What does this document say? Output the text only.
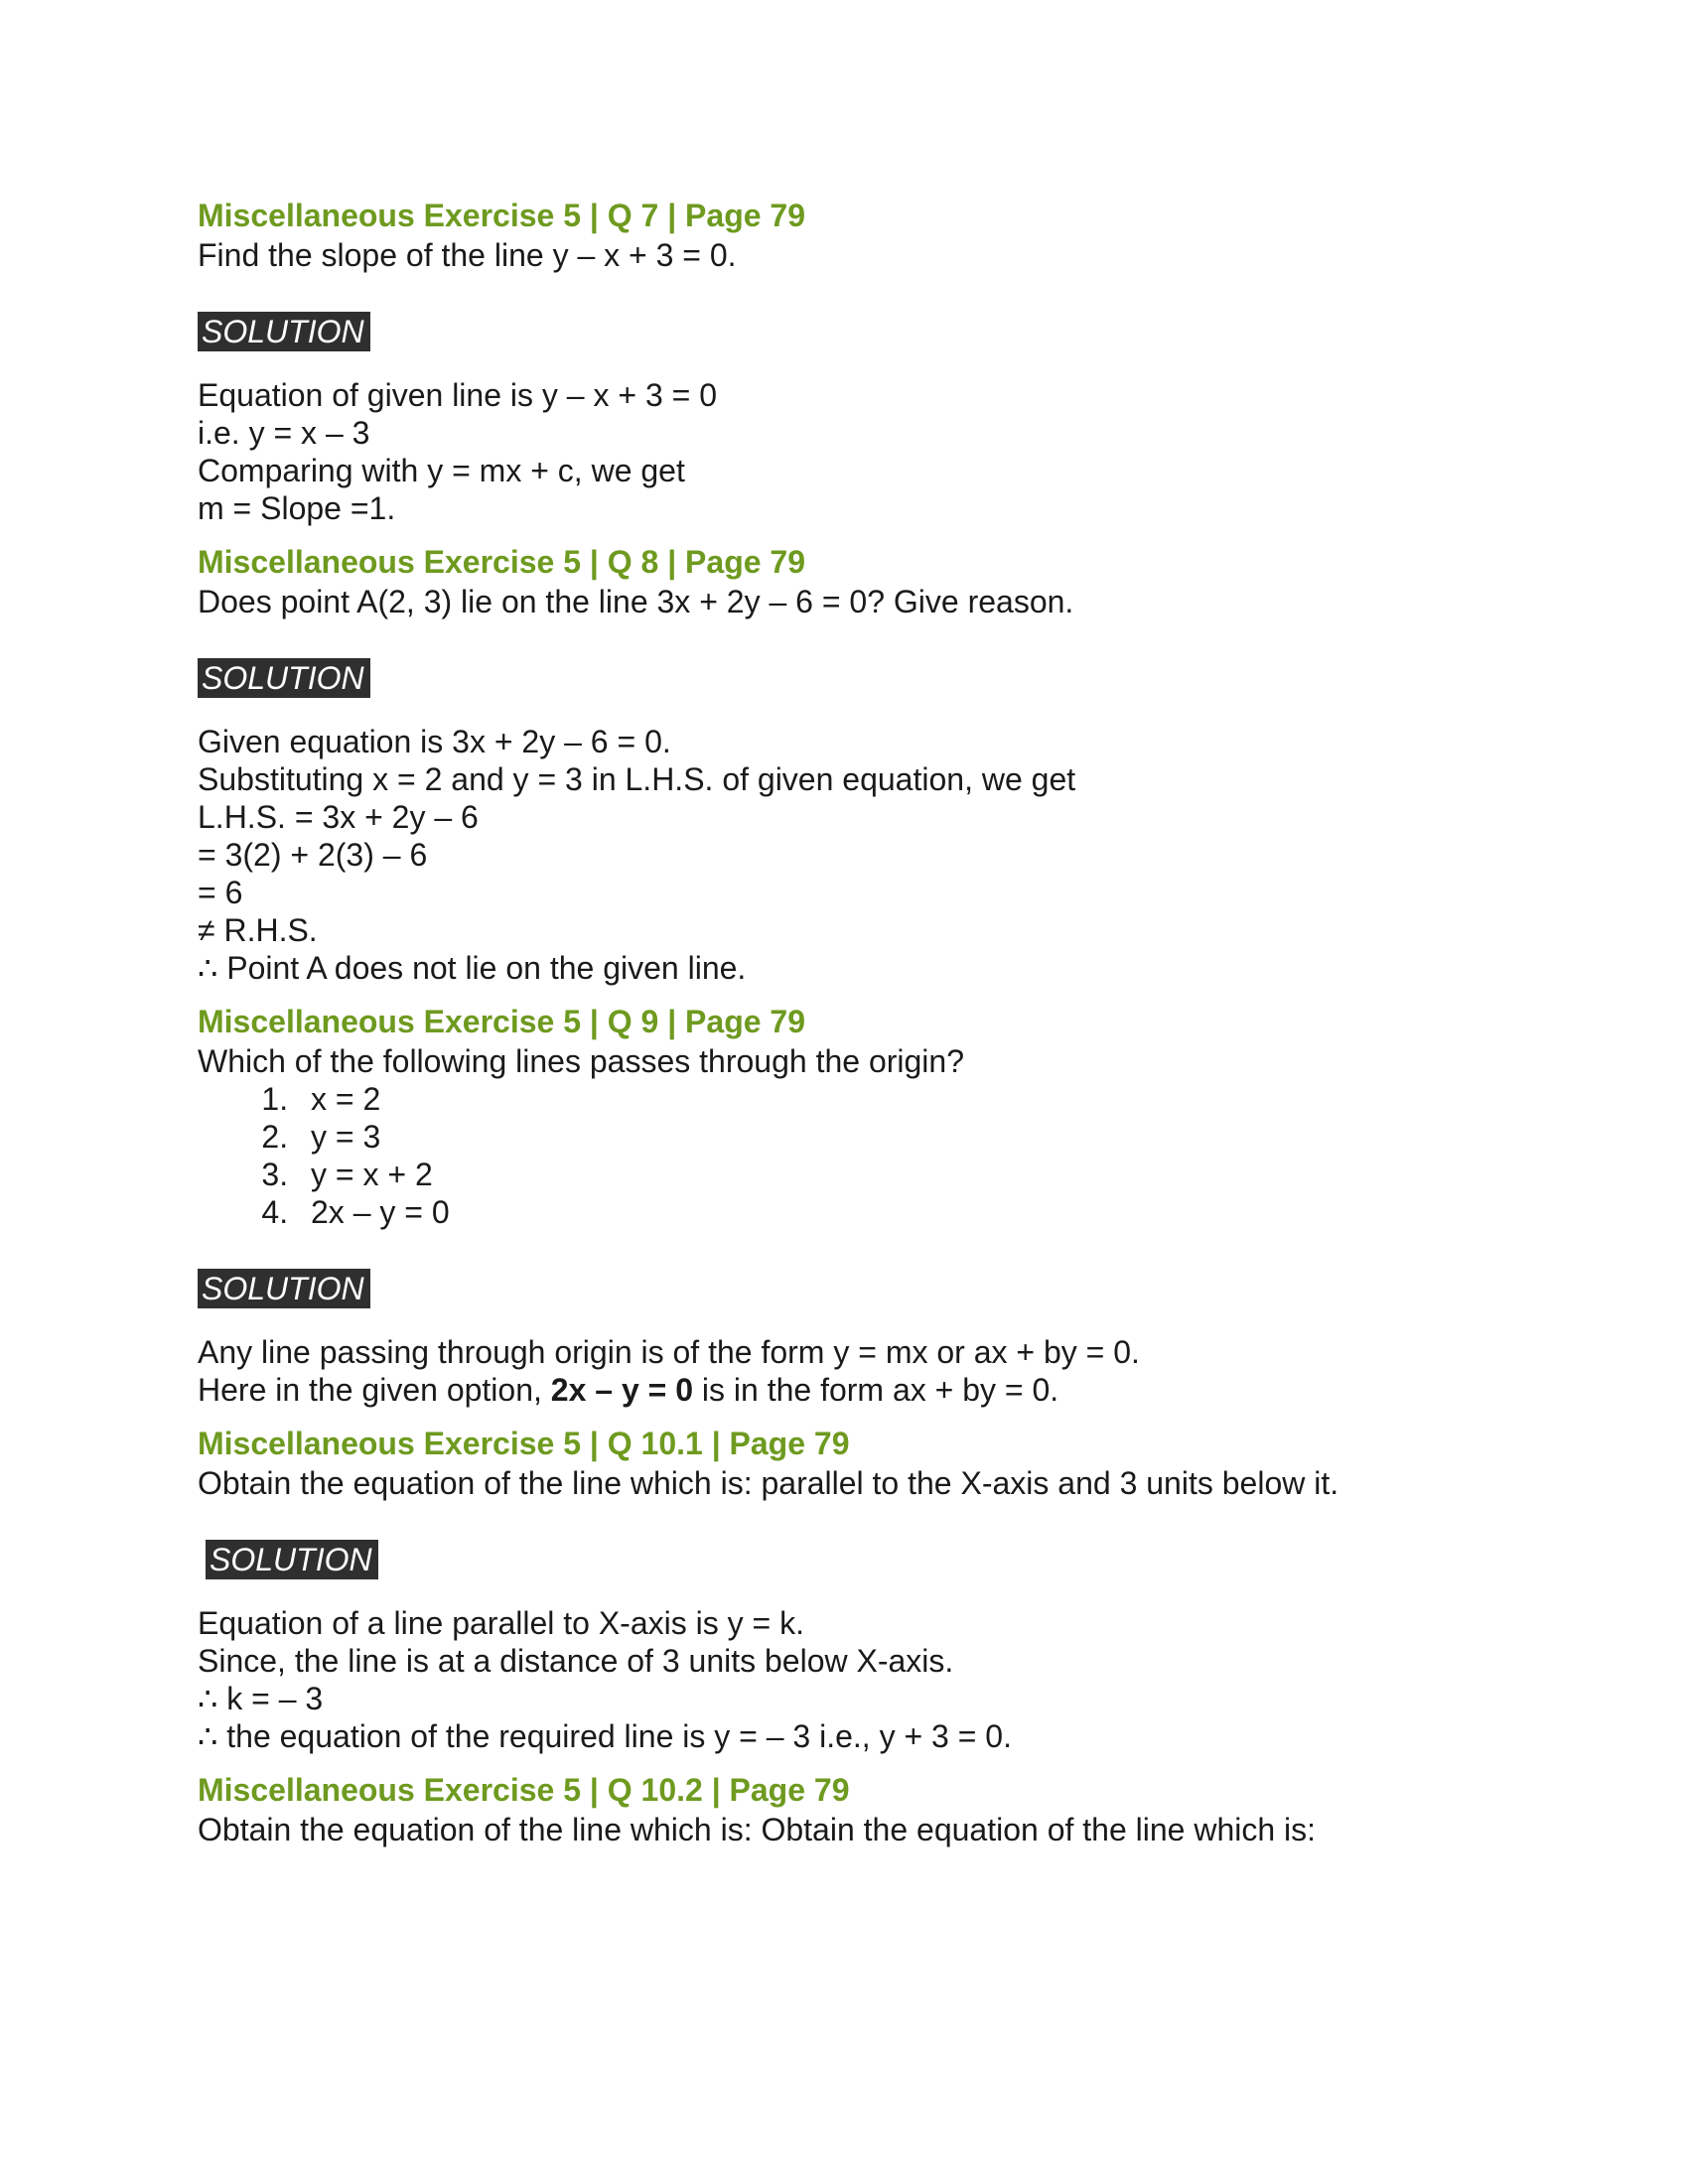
Miscellaneous Exercise 5 | Q 7 | Page 79

Find the slope of the line y – x + 3 = 0.

SOLUTION

Equation of given line is y – x + 3 = 0

i.e. y = x – 3

Comparing with y = mx + c, we get

m = Slope =1.

Miscellaneous Exercise 5 | Q 8 | Page 79

Does point A(2, 3) lie on the line 3x + 2y – 6 = 0? Give reason.

SOLUTION

Given equation is 3x + 2y – 6 = 0.

Substituting x = 2 and y = 3 in L.H.S. of given equation, we get

L.H.S. = 3x + 2y – 6

= 3(2) + 2(3) – 6

= 6

≠ R.H.S.

∴ Point A does not lie on the given line.

Miscellaneous Exercise 5 | Q 9 | Page 79

Which of the following lines passes through the origin?

1. x = 2
2. y = 3
3. y = x + 2
4. 2x – y = 0
SOLUTION

Any line passing through origin is of the form y = mx or ax + by = 0.

Here in the given option, 2x – y = 0 is in the form ax + by = 0.

Miscellaneous Exercise 5 | Q 10.1 | Page 79

Obtain the equation of the line which is: parallel to the X-axis and 3 units below it.

SOLUTION

Equation of a line parallel to X-axis is y = k.

Since, the line is at a distance of 3 units below X-axis.

∴ k = – 3

∴ the equation of the required line is y = – 3 i.e., y + 3 = 0.

Miscellaneous Exercise 5 | Q 10.2 | Page 79

Obtain the equation of the line which is: Obtain the equation of the line which is:
